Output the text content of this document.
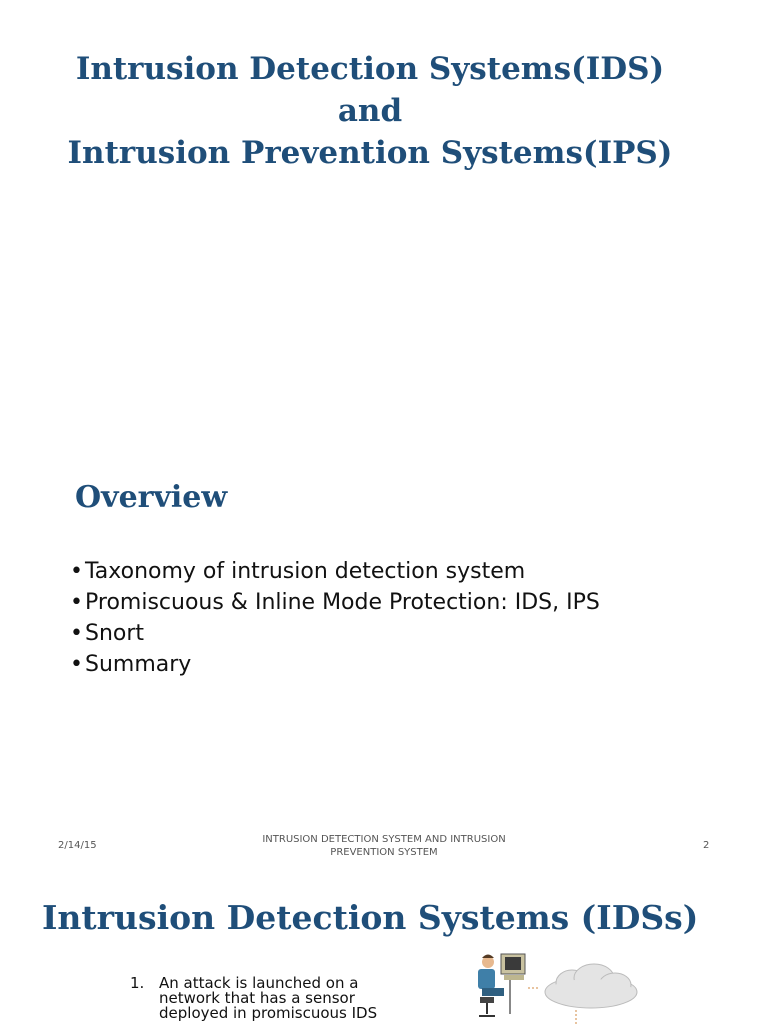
Intrusion Detection Systems(IDS)
and
Intrusion Prevention Systems(IPS)
Overview
• Taxonomy of intrusion detection system
• Promiscuous & Inline Mode Protection: IDS, IPS
• Snort
• Summary
2/14/15
INTRUSION DETECTION SYSTEM AND INTRUSION PREVENTION SYSTEM
2
Intrusion Detection Systems (IDSs)
1. An attack is launched on a network that has a sensor deployed in promiscuous IDS
